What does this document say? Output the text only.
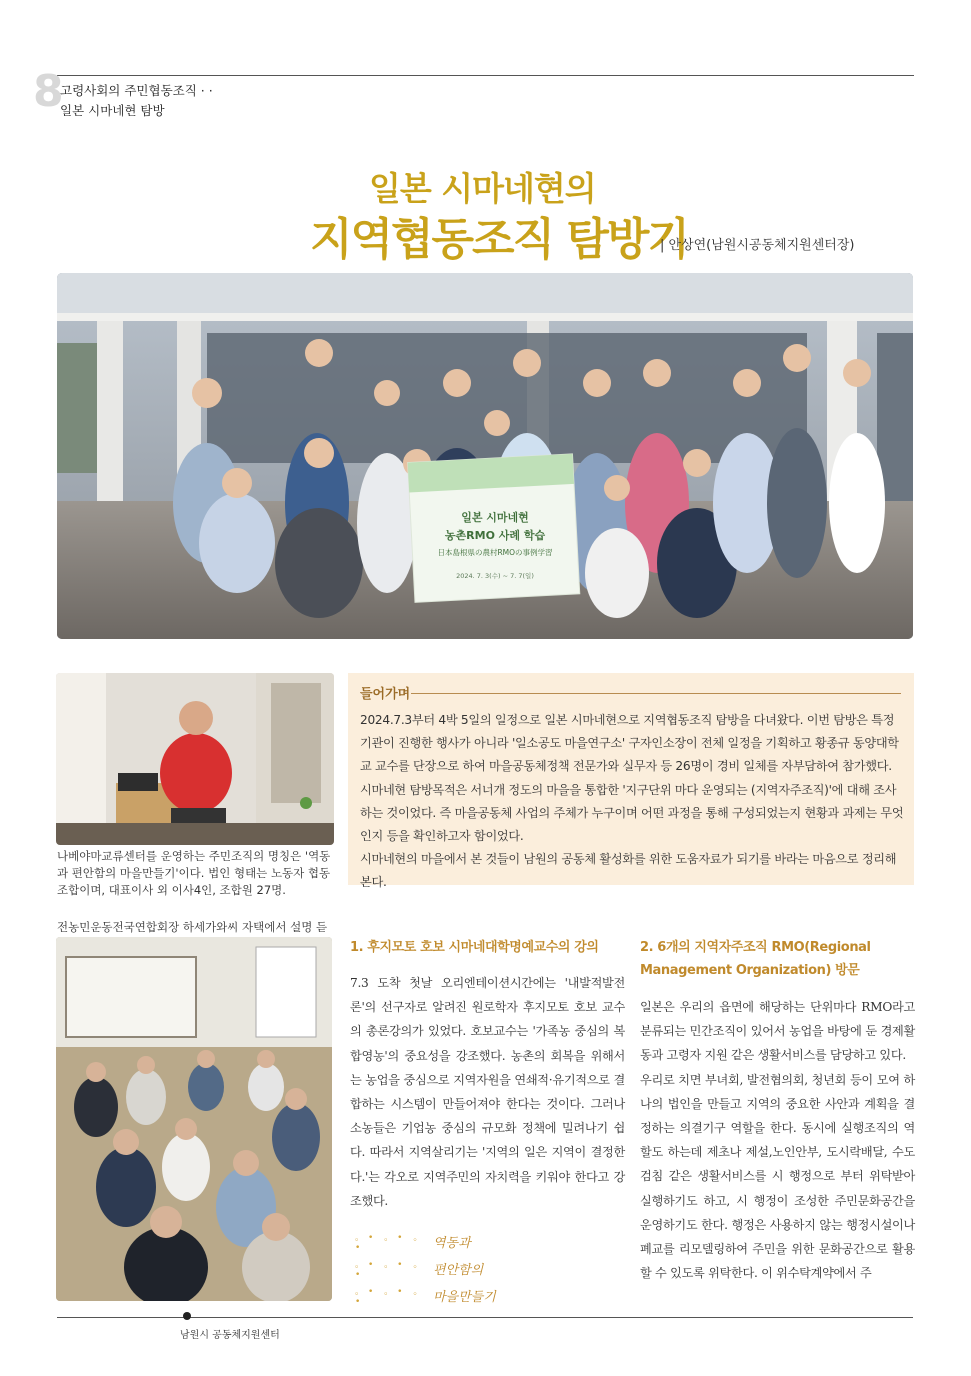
8
고령사회의 주민협동조직 · ·
일본 시마네현 탐방
일본 시마네현의
지역협동조직 탐방기
| 안상연(남원시공동체지원센터장)
일본 시마네현
농촌RMO 사례 학습
日本島根県の農村RMOの事例学習
2024. 7. 3(수) ~ 7. 7(일)
나베야마교류센터를 운영하는 주민조직의 명칭은 '역동과 편안함의 마을만들기'이다. 법인 형태는 노동자 협동조합이며, 대표이사 외 이사4인, 조합원 27명.
전농민운동전국연합회장 하세가와씨 자택에서 설명 듣
들어가며

2024.7.3부터 4박 5일의 일정으로 일본 시마네현으로 지역협동조직 탐방을 다녀왔다. 이번 탐방은 특정기관이 진행한 행사가 아니라 '일소공도 마을연구소' 구자인소장이 전체 일정을 기획하고 황종규 동양대학교 교수를 단장으로 하여 마을공동체정책 전문가와 실무자 등 26명이 경비 일체를 자부담하여 참가했다.

시마네현 탐방목적은 서너개 정도의 마을을 통합한 '지구단위 마다 운영되는 (지역자주조직)'에 대해 조사하는 것이었다. 즉 마을공동체 사업의 주체가 누구이며 어떤 과정을 통해 구성되었는지 현황과 과제는 무엇인지 등을 확인하고자 함이었다.

시마네현의 마을에서 본 것들이 남원의 공동체 활성화를 위한 도움자료가 되기를 바라는 마음으로 정리해 본다.

1. 후지모토 호보 시마네대학명예교수의 강의

7.3 도착 첫날 오리엔테이션시간에는 '내발적발전론'의 선구자로 알려진 원로학자 후지모토 호보 교수의 총론강의가 있었다. 호보교수는 '가족농 중심의 복합영농'의 중요성을 강조했다. 농촌의 회복을 위해서는 농업을 중심으로 지역자원을 연쇄적·유기적으로 결합하는 시스템이 만들어져야 한다는 것이다. 그러나 소농들은 기업농 중심의 규모화 정책에 밀려나기 쉽다. 따라서 지역살리기는 '지역의 일은 지역이 결정한다.'는 각오로 지역주민의 자치력을 키워야 한다고 강조했다.

。• 。• 。•	역동과
。• 。• 。•	편안함의
。• 。• 。•	마을만들기
2. 6개의 지역자주조직 RMO(Regional Management Organization) 방문

일본은 우리의 읍면에 해당하는 단위마다 RMO라고 분류되는 민간조직이 있어서 농업을 바탕에 둔 경제활동과 고령자 지원 같은 생활서비스를 담당하고 있다.

우리로 치면 부녀회, 발전협의회, 청년회 등이 모여 하나의 법인을 만들고 지역의 중요한 사안과 계획을 결정하는 의결기구 역할을 한다. 동시에 실행조직의 역할도 하는데 제초나 제설,노인안부, 도시락배달, 수도검침 같은 생활서비스를 시 행정으로 부터 위탁받아 실행하기도 하고, 시 행정이 조성한 주민문화공간을 운영하기도 한다. 행정은 사용하지 않는 행정시설이나 폐교를 리모델링하여 주민을 위한 문화공간으로 활용할 수 있도록 위탁한다. 이 위수탁계약에서 주

남원시 공동체지원센터
